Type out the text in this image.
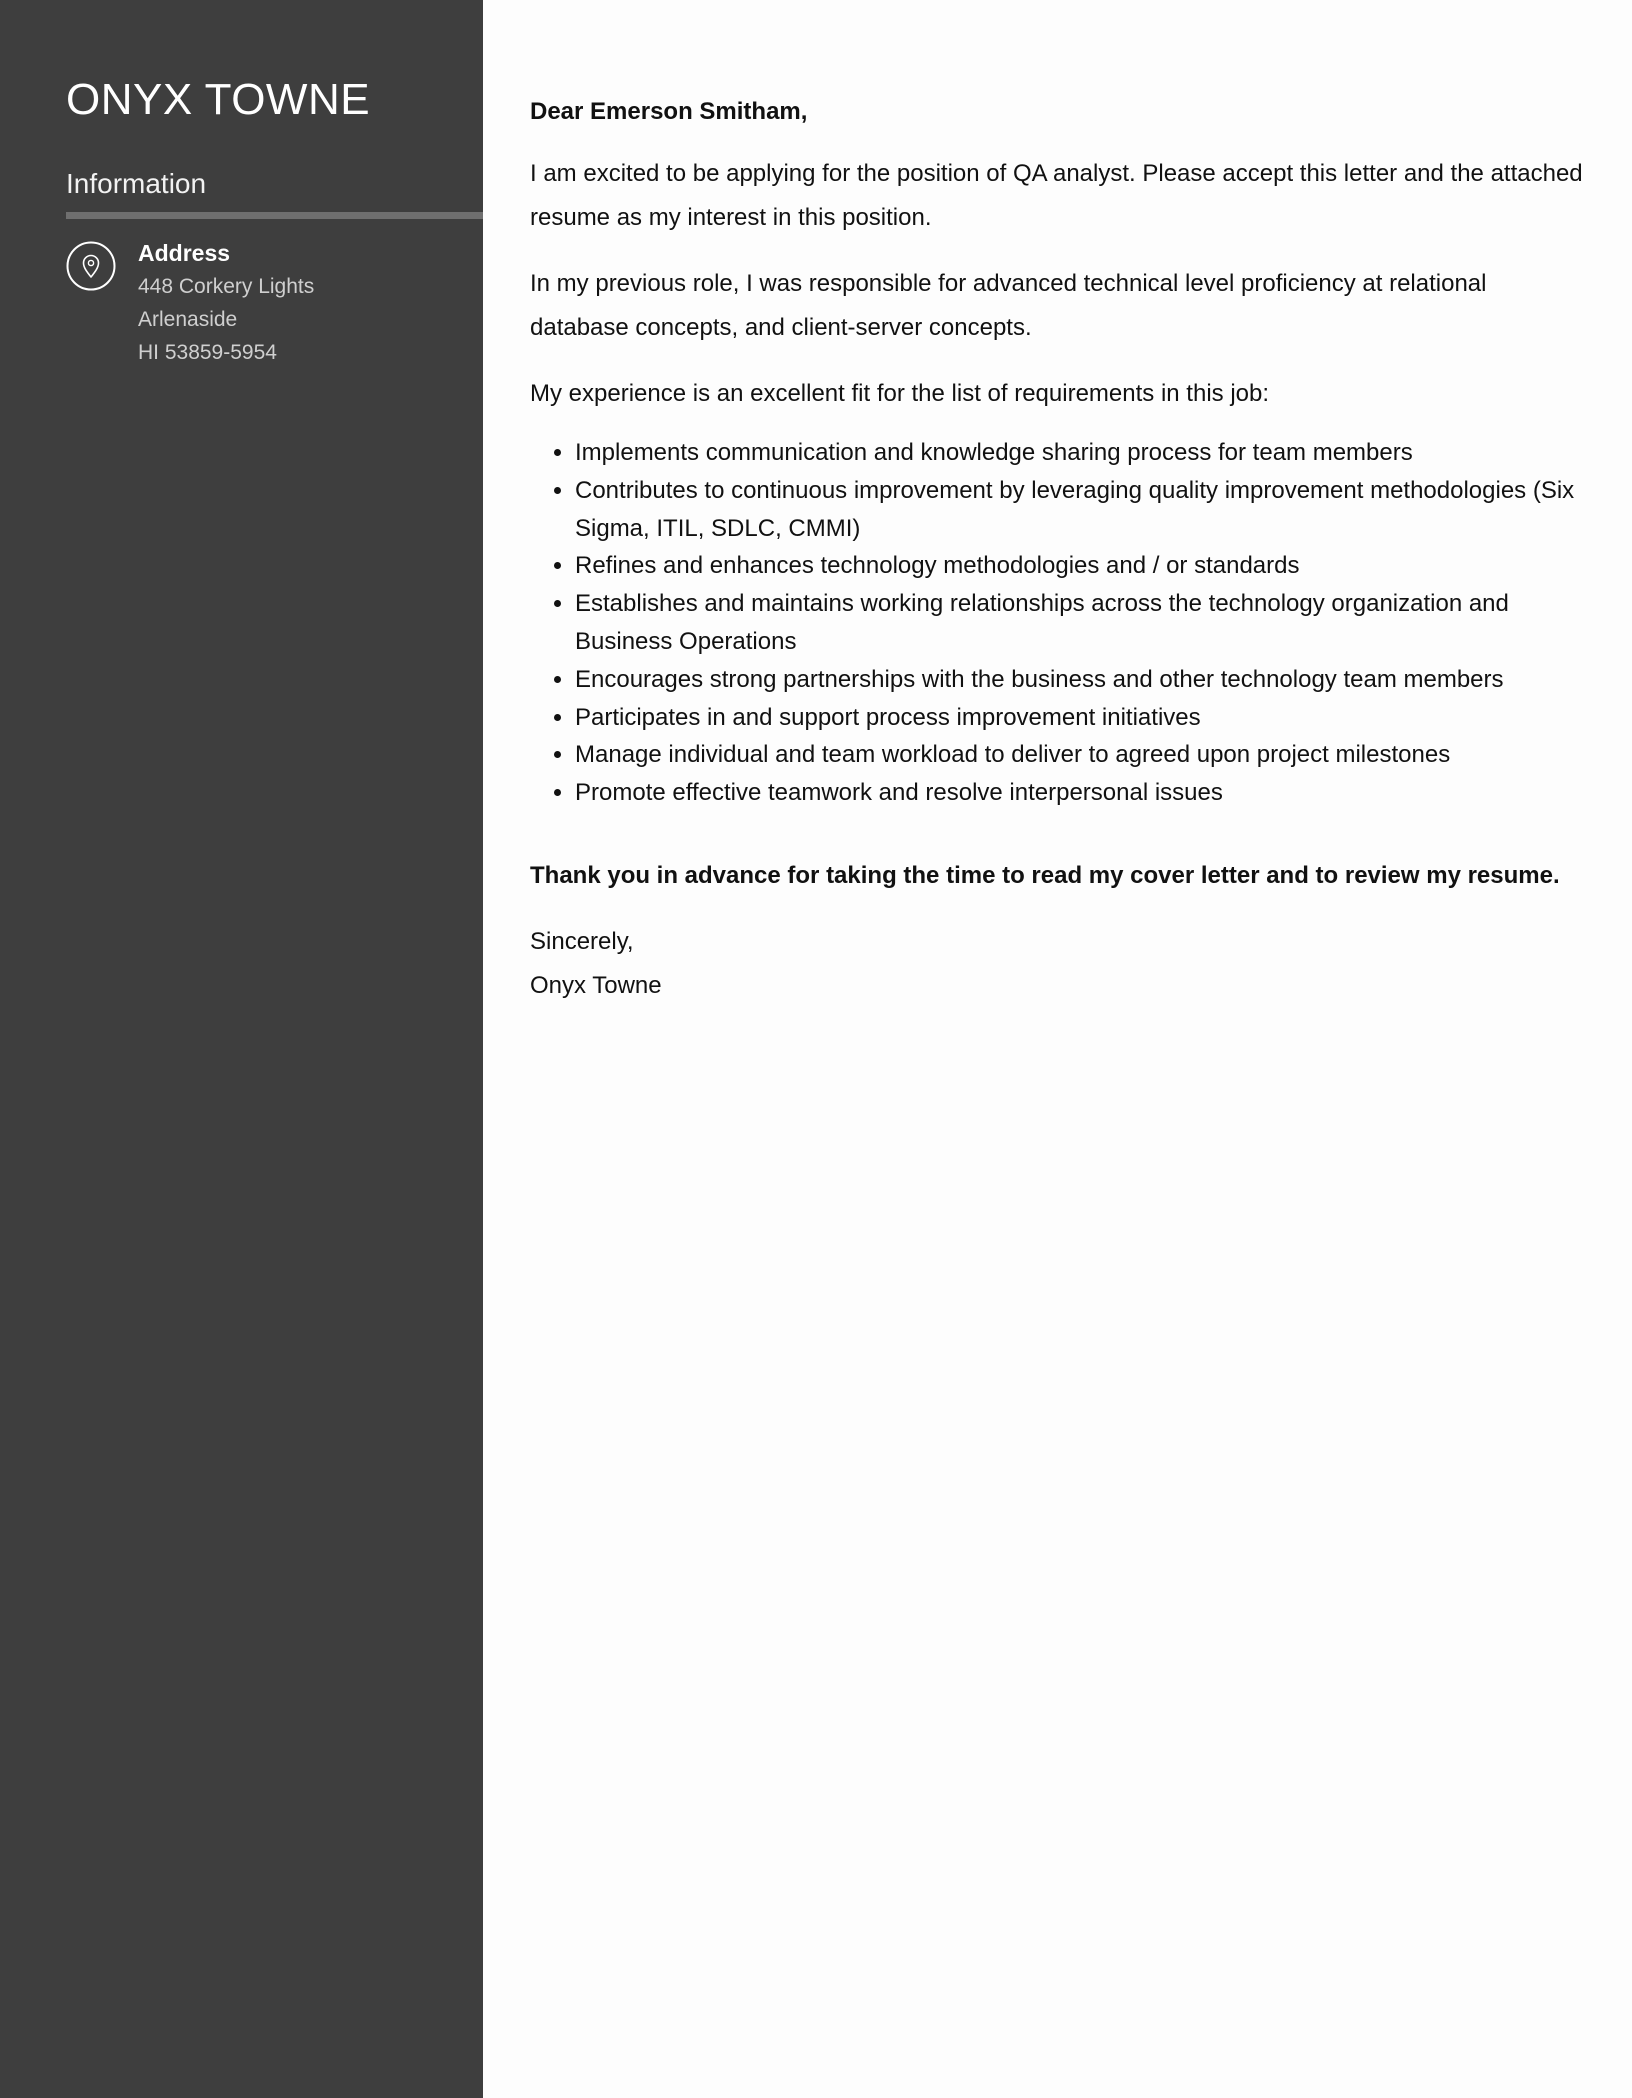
ONYX TOWNE
Information
Address
448 Corkery Lights
Arlenaside
HI 53859-5954

Dear Emerson Smitham,

I am excited to be applying for the position of QA analyst. Please accept this letter and the attached resume as my interest in this position.

In my previous role, I was responsible for advanced technical level proficiency at relational database concepts, and client-server concepts.

My experience is an excellent fit for the list of requirements in this job:

• Implements communication and knowledge sharing process for team members
• Contributes to continuous improvement by leveraging quality improvement methodologies (Six Sigma, ITIL, SDLC, CMMI)
• Refines and enhances technology methodologies and / or standards
• Establishes and maintains working relationships across the technology organization and Business Operations
• Encourages strong partnerships with the business and other technology team members
• Participates in and support process improvement initiatives
• Manage individual and team workload to deliver to agreed upon project milestones
• Promote effective teamwork and resolve interpersonal issues

Thank you in advance for taking the time to read my cover letter and to review my resume.

Sincerely,

Onyx Towne
